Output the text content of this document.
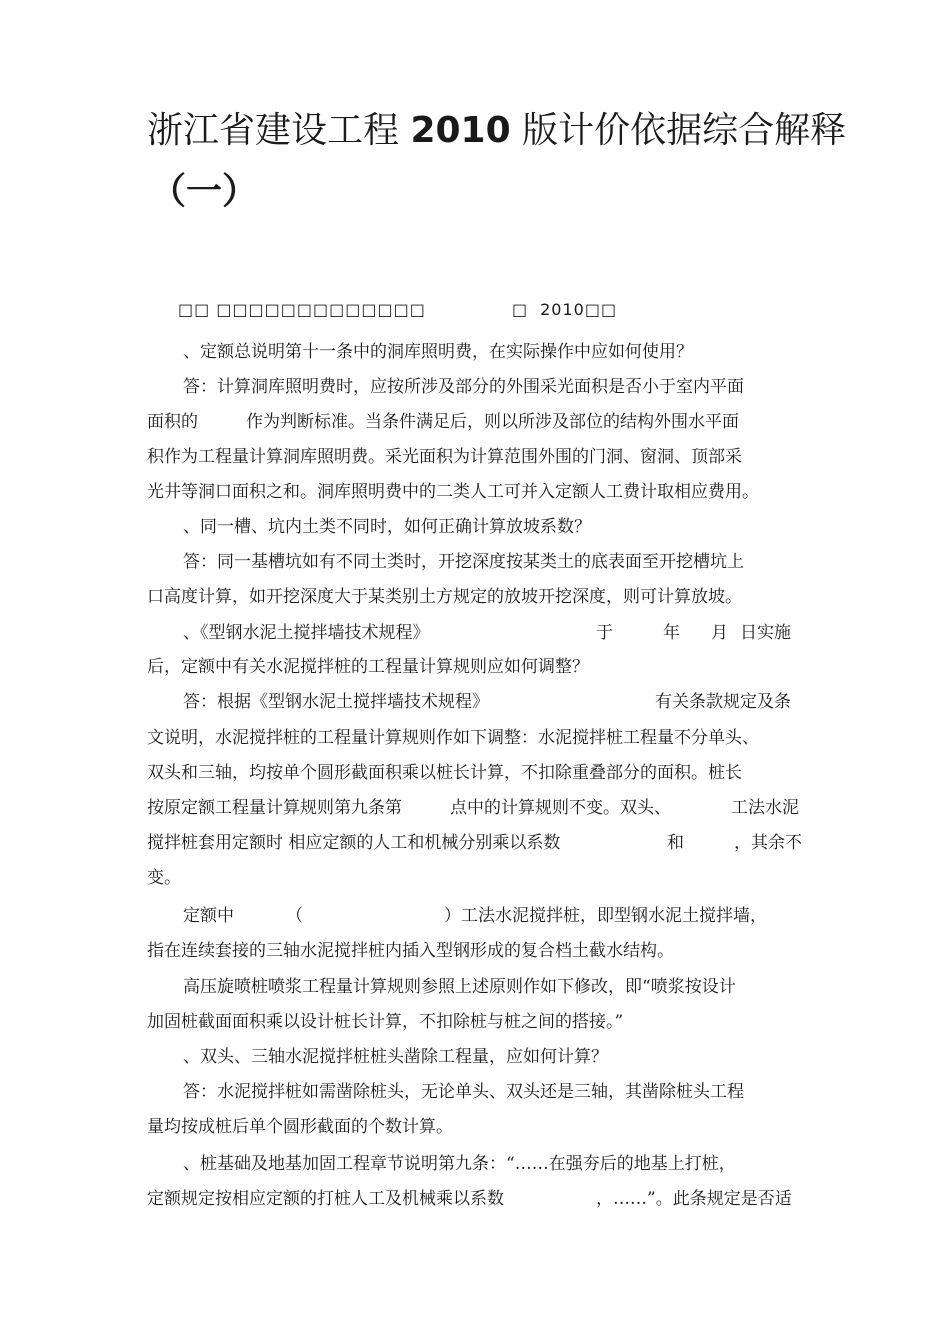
浙江省建设工程 2010 版计价依据综合解释
（一）
□□ □□□□□□□□□□□□□	□ 2010□□
、定额总说明第十一条中的洞库照明费，在实际操作中应如何使用？
答：计算洞库照明费时，应按所涉及部分的外围采光面积是否小于室内平面
面积的	作为判断标准。当条件满足后，则以所涉及部位的结构外围水平面
积作为工程量计算洞库照明费。采光面积为计算范围外围的门洞、窗洞、顶部采
光井等洞口面积之和。洞库照明费中的二类人工可并入定额人工费计取相应费用。
、同一槽、坑内土类不同时，如何正确计算放坡系数？
答：同一基槽坑如有不同土类时，开挖深度按某类土的底表面至开挖槽坑上
口高度计算，如开挖深度大于某类别土方规定的放坡开挖深度，则可计算放坡。
、《型钢水泥土搅拌墙技术规程》	于	年 月 日实施
后，定额中有关水泥搅拌桩的工程量计算规则应如何调整？
答：根据《型钢水泥土搅拌墙技术规程》	有关条款规定及条
文说明，水泥搅拌桩的工程量计算规则作如下调整：水泥搅拌桩工程量不分单头、
双头和三轴，均按单个圆形截面积乘以桩长计算，不扣除重叠部分的面积。桩长
按原定额工程量计算规则第九条第	点中的计算规则不变。双头、	工法水泥
搅拌桩套用定额时 相应定额的人工和机械分别乘以系数	和	，其余不
变。
定额中	（	）工法水泥搅拌桩，即型钢水泥土搅拌墙，
指在连续套接的三轴水泥搅拌桩内插入型钢形成的复合档土截水结构。
高压旋喷桩喷浆工程量计算规则参照上述原则作如下修改，即“喷浆按设计
加固桩截面面积乘以设计桩长计算，不扣除桩与桩之间的搭接。”
、双头、三轴水泥搅拌桩桩头凿除工程量，应如何计算？
答：水泥搅拌桩如需凿除桩头，无论单头、双头还是三轴，其凿除桩头工程
量均按成桩后单个圆形截面的个数计算。
、桩基础及地基加固工程章节说明第九条：“……在强夯后的地基上打桩，
定额规定按相应定额的打桩人工及机械乘以系数	，……”。此条规定是否适
